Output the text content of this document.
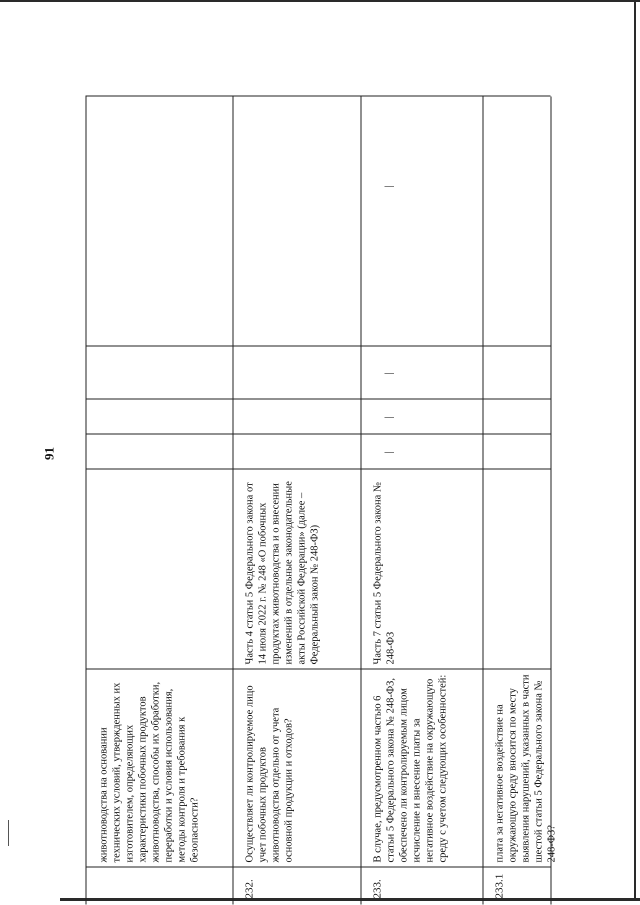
91
животноводства на основании технических условий, утвержденных их изготовителем, определяющих характеристики побочных продуктов животноводства, способы их обработки, переработки и условия использования, методы контроля и требования к безопасности?
232.
Осуществляет ли контролируемое лицо учет побочных продуктов животноводства отдельно от учета основной продукции и отходов?
Часть 4 статьи 5 Федерального закона от 14 июля 2022 г. № 248 «О побочных продуктах животноводства и о внесении изменений в отдельные законодательные акты Российской Федерации» (далее – Федеральный закон № 248-ФЗ)
233.
В случае, предусмотренном частью 6 статьи 5 Федерального закона № 248-ФЗ, обеспечено ли контролируемым лицом исчисление и внесение платы за негативное воздействие на окружающую среду с учетом следующих особенностей:
Часть 7 статьи 5 Федерального закона № 248-ФЗ
|
|
|
|
233.1
плата за негативное воздействие на окружающую среду вносится по месту выявления нарушений, указанных в части шестой статьи 5 Федерального закона № 248-ФЗ?
